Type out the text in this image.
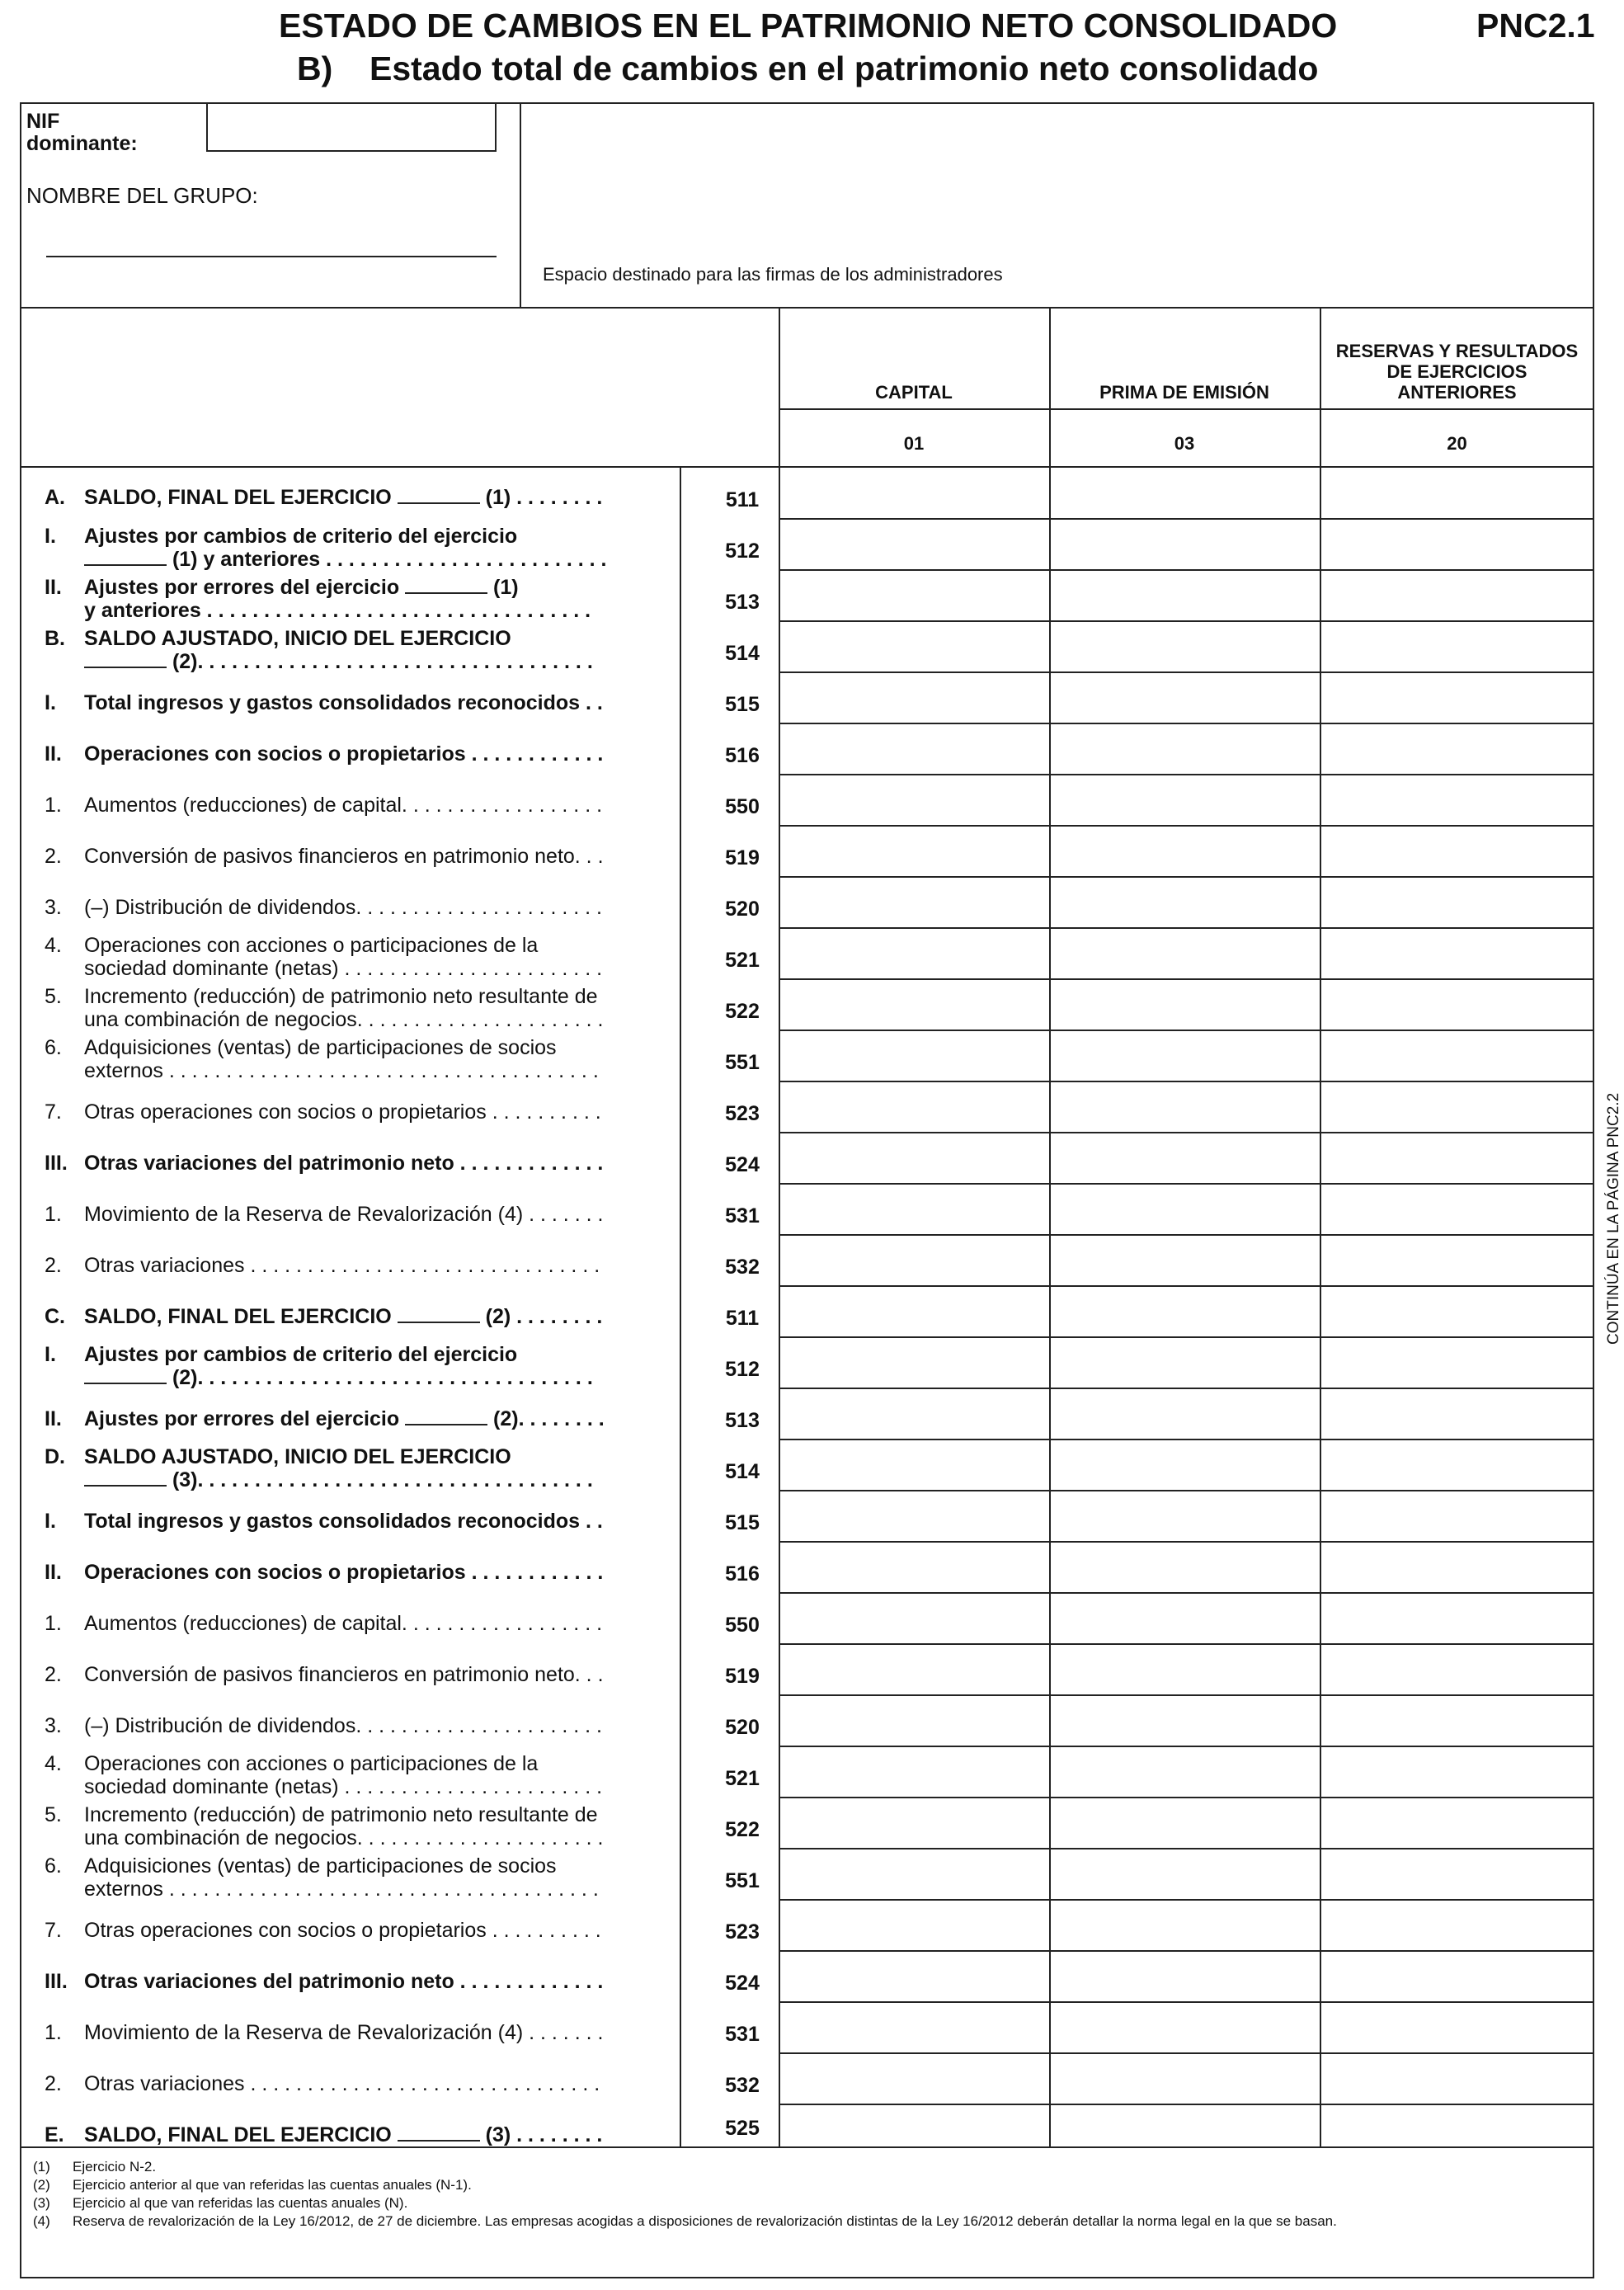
ESTADO DE CAMBIOS EN EL PATRIMONIO NETO CONSOLIDADO	PNC2.1
B) Estado total de cambios en el patrimonio neto consolidado
NIF
dominante:
NOMBRE DEL GRUPO:
Espacio destinado para las firmas de los administradores
CAPITAL
01
PRIMA DE EMISIÓN
03
RESERVAS Y RESULTADOS
DE EJERCICIOS
ANTERIORES
20
A. SALDO, FINAL DEL EJERCICIO	(1) . . . . . . . .	511
I. Ajustes por cambios de criterio del ejercicio
(1) y anteriores . . . . . . . . . . . . . . . . . . . . . . . . .	512
II. Ajustes por errores del ejercicio	(1)
y anteriores . . . . . . . . . . . . . . . . . . . . . . . . . . . . . . . . . .	513
B. SALDO AJUSTADO, INICIO DEL EJERCICIO
(2). . . . . . . . . . . . . . . . . . . . . . . . . . . . . . . . . . .	514
I. Total ingresos y gastos consolidados reconocidos . .	515
II. Operaciones con socios o propietarios . . . . . . . . . . . .	516
1. Aumentos (reducciones) de capital. . . . . . . . . . . . . . . . . .	550
2. Conversión de pasivos financieros en patrimonio neto. . .	519
3. (–) Distribución de dividendos. . . . . . . . . . . . . . . . . . . . . .	520
4. Operaciones con acciones o participaciones de la
sociedad dominante (netas) . . . . . . . . . . . . . . . . . . . . . . .	521
5. Incremento (reducción) de patrimonio neto resultante de
una combinación de negocios. . . . . . . . . . . . . . . . . . . . . .	522
6. Adquisiciones (ventas) de participaciones de socios
externos . . . . . . . . . . . . . . . . . . . . . . . . . . . . . . . . . . . . . .	551
7. Otras operaciones con socios o propietarios . . . . . . . . . .	523
III. Otras variaciones del patrimonio neto . . . . . . . . . . . . .	524
1. Movimiento de la Reserva de Revalorización (4) . . . . . . .	531
2. Otras variaciones . . . . . . . . . . . . . . . . . . . . . . . . . . . . . . .	532
C. SALDO, FINAL DEL EJERCICIO	(2) . . . . . . . .	511
I. Ajustes por cambios de criterio del ejercicio
(2). . . . . . . . . . . . . . . . . . . . . . . . . . . . . . . . . . .	512
II. Ajustes por errores del ejercicio	(2). . . . . . . .	513
D. SALDO AJUSTADO, INICIO DEL EJERCICIO
(3). . . . . . . . . . . . . . . . . . . . . . . . . . . . . . . . . . .	514
I. Total ingresos y gastos consolidados reconocidos . .	515
II. Operaciones con socios o propietarios . . . . . . . . . . . .	516
1. Aumentos (reducciones) de capital. . . . . . . . . . . . . . . . . .	550
2. Conversión de pasivos financieros en patrimonio neto. . .	519
3. (–) Distribución de dividendos. . . . . . . . . . . . . . . . . . . . . .	520
4. Operaciones con acciones o participaciones de la
sociedad dominante (netas) . . . . . . . . . . . . . . . . . . . . . . .	521
5. Incremento (reducción) de patrimonio neto resultante de
una combinación de negocios. . . . . . . . . . . . . . . . . . . . . .	522
6. Adquisiciones (ventas) de participaciones de socios
externos . . . . . . . . . . . . . . . . . . . . . . . . . . . . . . . . . . . . . .	551
7. Otras operaciones con socios o propietarios . . . . . . . . . .	523
III. Otras variaciones del patrimonio neto . . . . . . . . . . . . .	524
1. Movimiento de la Reserva de Revalorización (4) . . . . . . .	531
2. Otras variaciones . . . . . . . . . . . . . . . . . . . . . . . . . . . . . . .	532
E. SALDO, FINAL DEL EJERCICIO	(3) . . . . . . . .	525
(1) Ejercicio N-2.
(2) Ejercicio anterior al que van referidas las cuentas anuales (N-1).
(3) Ejercicio al que van referidas las cuentas anuales (N).
(4) Reserva de revalorización de la Ley 16/2012, de 27 de diciembre. Las empresas acogidas a disposiciones de revalorización distintas de la Ley 16/2012 deberán detallar la norma legal en la que se basan.
CONTINÚA EN LA PÁGINA PNC2.2
